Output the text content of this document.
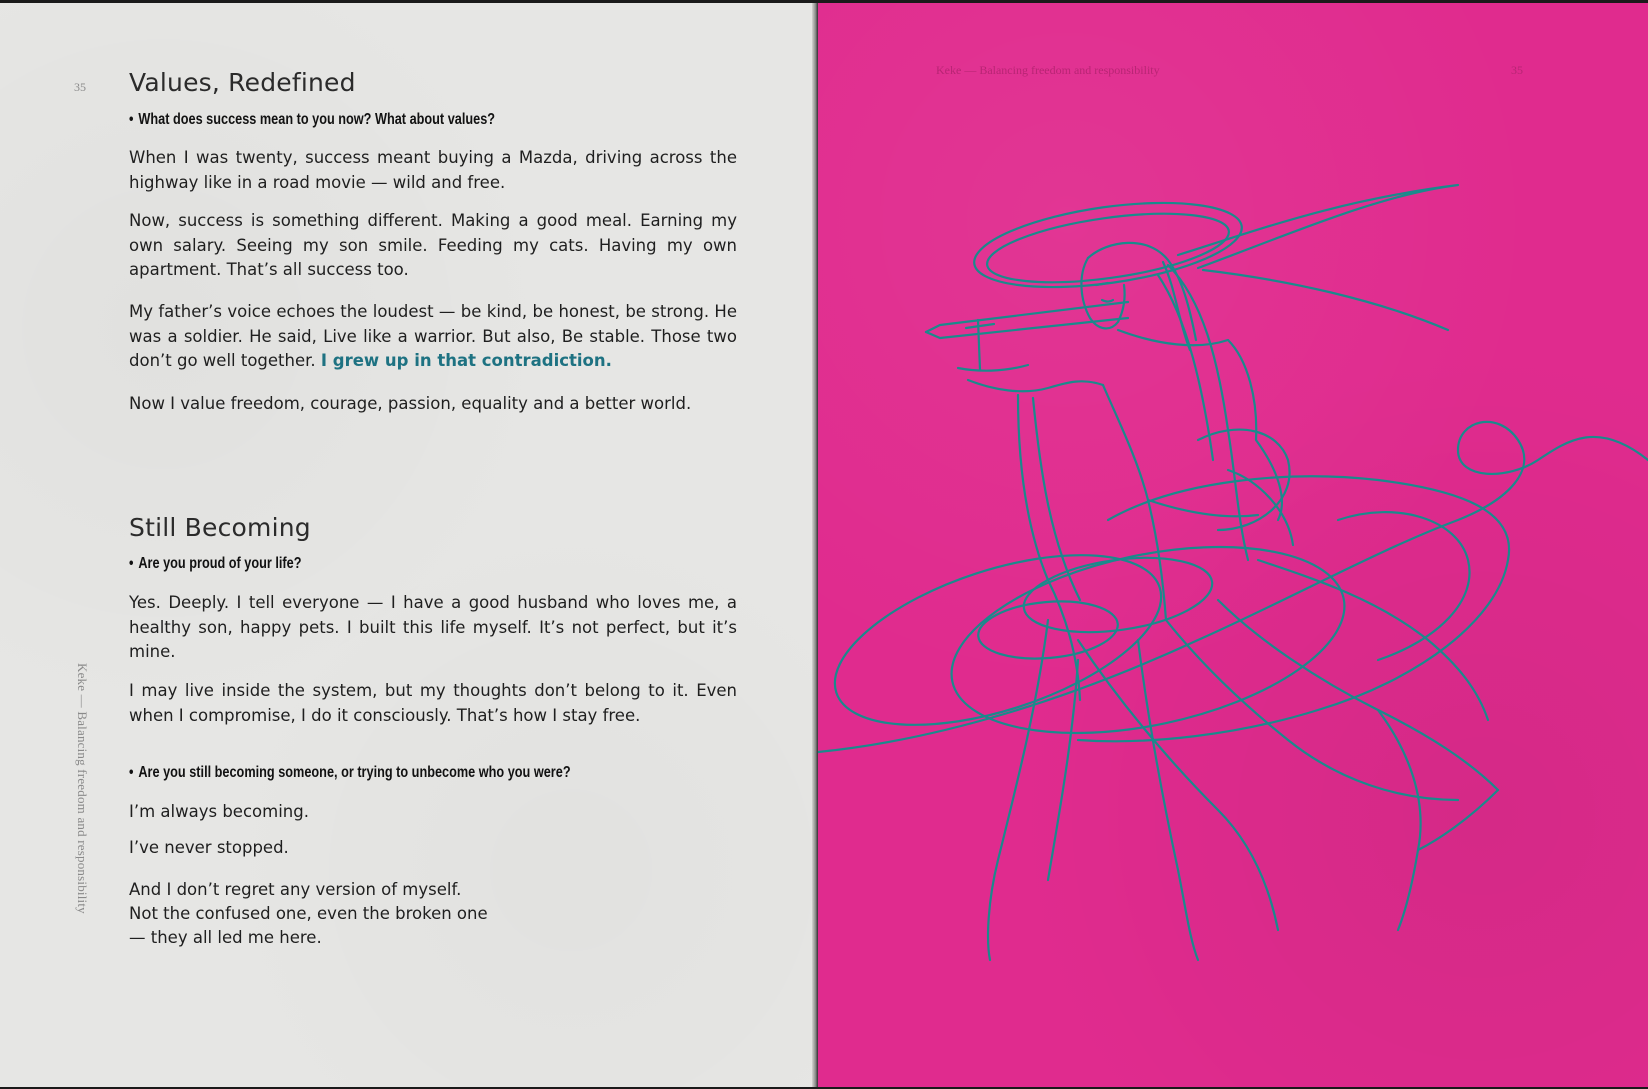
35
Keke — Balancing freedom and responsibility
Values, Redefined
• What does success mean to you now? What about values?

When I was twenty, success meant buying a Mazda, driving across the highway like in a road movie — wild and free.

Now, success is something different. Making a good meal. Earning my own salary. Seeing my son smile. Feeding my cats. Having my own apartment. That’s all success too.

My father’s voice echoes the loudest — be kind, be honest, be strong. He was a soldier. He said, Live like a warrior. But also, Be stable. Those two don’t go well together. I grew up in that contradiction.

Now I value freedom, courage, passion, equality and a better world.

Still Becoming
• Are you proud of your life?

Yes. Deeply. I tell everyone — I have a good husband who loves me, a healthy son, happy pets. I built this life myself. It’s not perfect, but it’s mine.

I may live inside the system, but my thoughts don’t belong to it. Even when I compromise, I do it consciously. That’s how I stay free.

• Are you still becoming someone, or trying to unbecome who you were?

I’m always becoming.

I’ve never stopped.

And I don’t regret any version of myself.

Not the confused one, even the broken one

— they all led me here.

Keke — Balancing freedom and responsibility	35
